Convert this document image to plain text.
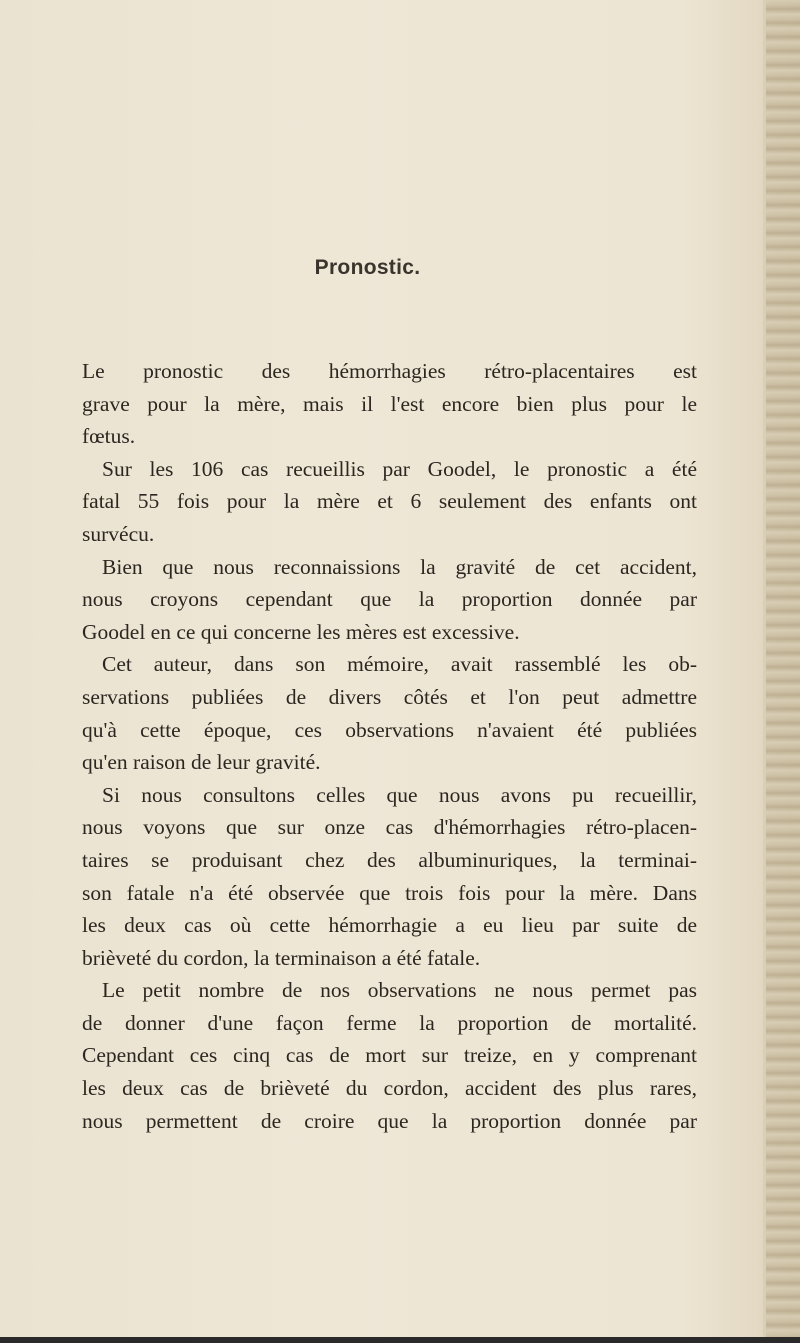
Pronostic.
Le pronostic des hémorrhagies rétro-placentaires est
grave pour la mère, mais il l'est encore bien plus pour le
fœtus.
Sur les 106 cas recueillis par Goodel, le pronostic a été
fatal 55 fois pour la mère et 6 seulement des enfants ont
survécu.
Bien que nous reconnaissions la gravité de cet accident,
nous croyons cependant que la proportion donnée par
Goodel en ce qui concerne les mères est excessive.
Cet auteur, dans son mémoire, avait rassemblé les ob-
servations publiées de divers côtés et l'on peut admettre
qu'à cette époque, ces observations n'avaient été publiées
qu'en raison de leur gravité.
Si nous consultons celles que nous avons pu recueillir,
nous voyons que sur onze cas d'hémorrhagies rétro-placen-
taires se produisant chez des albuminuriques, la terminai-
son fatale n'a été observée que trois fois pour la mère. Dans
les deux cas où cette hémorrhagie a eu lieu par suite de
brièveté du cordon, la terminaison a été fatale.
Le petit nombre de nos observations ne nous permet pas
de donner d'une façon ferme la proportion de mortalité.
Cependant ces cinq cas de mort sur treize, en y comprenant
les deux cas de brièveté du cordon, accident des plus rares,
nous permettent de croire que la proportion donnée par
